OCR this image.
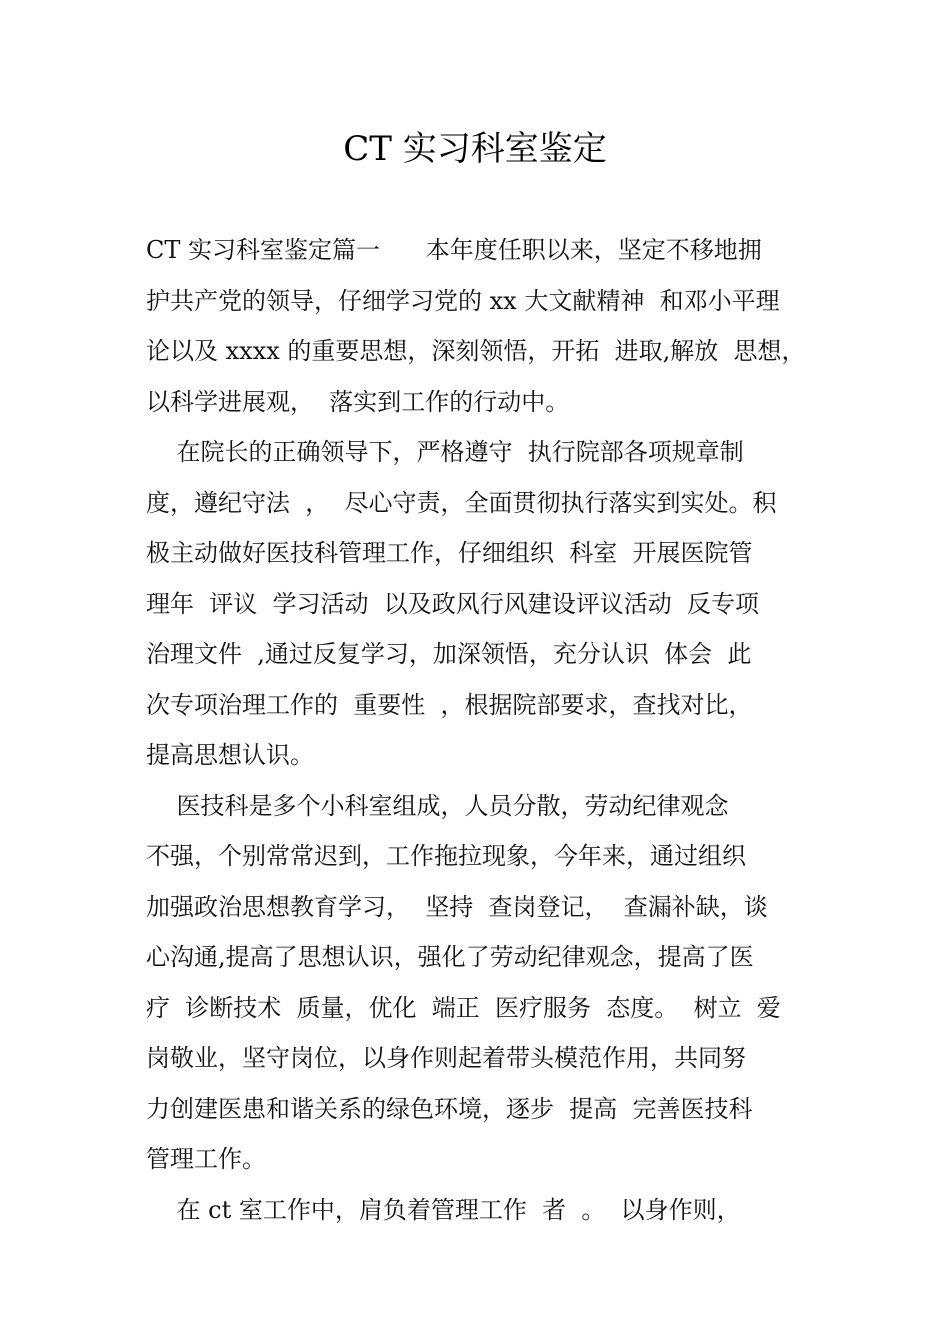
CT 实习科室鉴定
CT 实习科室鉴定篇一      本年度任职以来，坚定不移地拥
护共产党的领导，仔细学习党的 xx 大文献精神  和邓小平理
论以及 xxxx 的重要思想，深刻领悟，开拓  进取,解放  思想，
以科学进展观，  落实到工作的行动中。
在院长的正确领导下，严格遵守  执行院部各项规章制
度，遵纪守法  ，  尽心守责，全面贯彻执行落实到实处。积
极主动做好医技科管理工作，仔细组织  科室  开展医院管
理年  评议  学习活动  以及政风行风建设评议活动  反专项
治理文件  ,通过反复学习，加深领悟，充分认识  体会  此
次专项治理工作的  重要性  ，根据院部要求，查找对比，
提高思想认识。
医技科是多个小科室组成，人员分散，劳动纪律观念
不强，个别常常迟到，工作拖拉现象，今年来，通过组织
加强政治思想教育学习，  坚持  查岗登记，  查漏补缺，谈
心沟通,提高了思想认识，强化了劳动纪律观念，提高了医
疗  诊断技术  质量，优化  端正  医疗服务  态度。  树立  爱
岗敬业，坚守岗位，以身作则起着带头模范作用，共同努
力创建医患和谐关系的绿色环境，逐步  提高  完善医技科
管理工作。
在 ct 室工作中，肩负着管理工作  者  。  以身作则，
